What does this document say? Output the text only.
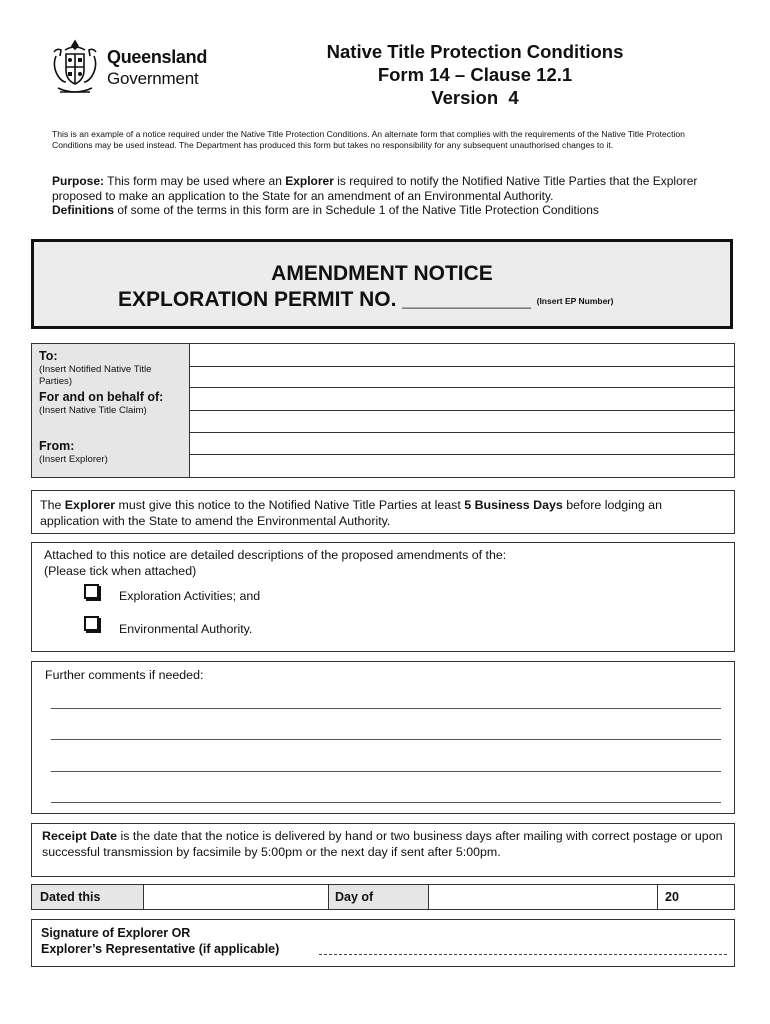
Queensland
Government
Native Title Protection Conditions
Form 14 – Clause 12.1
Version  4
This is an example of a notice required under the Native Title Protection Conditions. An alternate form that complies with the requirements of the Native Title Protection Conditions may be used instead. The Department has produced this form but takes no responsibility for any subsequent unauthorised changes to it.
Purpose: This form may be used where an Explorer is required to notify the Notified Native Title Parties that the Explorer proposed to make an application to the State for an amendment of an Environmental Authority.
Definitions of some of the terms in this form are in Schedule 1 of the Native Title Protection Conditions
AMENDMENT NOTICE
EXPLORATION PERMIT NO. ___________ (Insert EP Number)
To:
(Insert Notified Native Title Parties)
For and on behalf of:
(Insert Native Title Claim)
From:
(Insert Explorer)

The Explorer must give this notice to the Notified Native Title Parties at least 5 Business Days before lodging an application with the State to amend the Environmental Authority.

Attached to this notice are detailed descriptions of the proposed amendments of the:
(Please tick when attached)
Exploration Activities; and
Environmental Authority.
Further comments if needed:

Receipt Date is the date that the notice is delivered by hand or two business days after mailing with correct postage or upon successful transmission by facsimile by 5:00pm or the next day if sent after 5:00pm.

Dated this	Day of	20
Signature of Explorer OR
Explorer’s Representative (if applicable)
